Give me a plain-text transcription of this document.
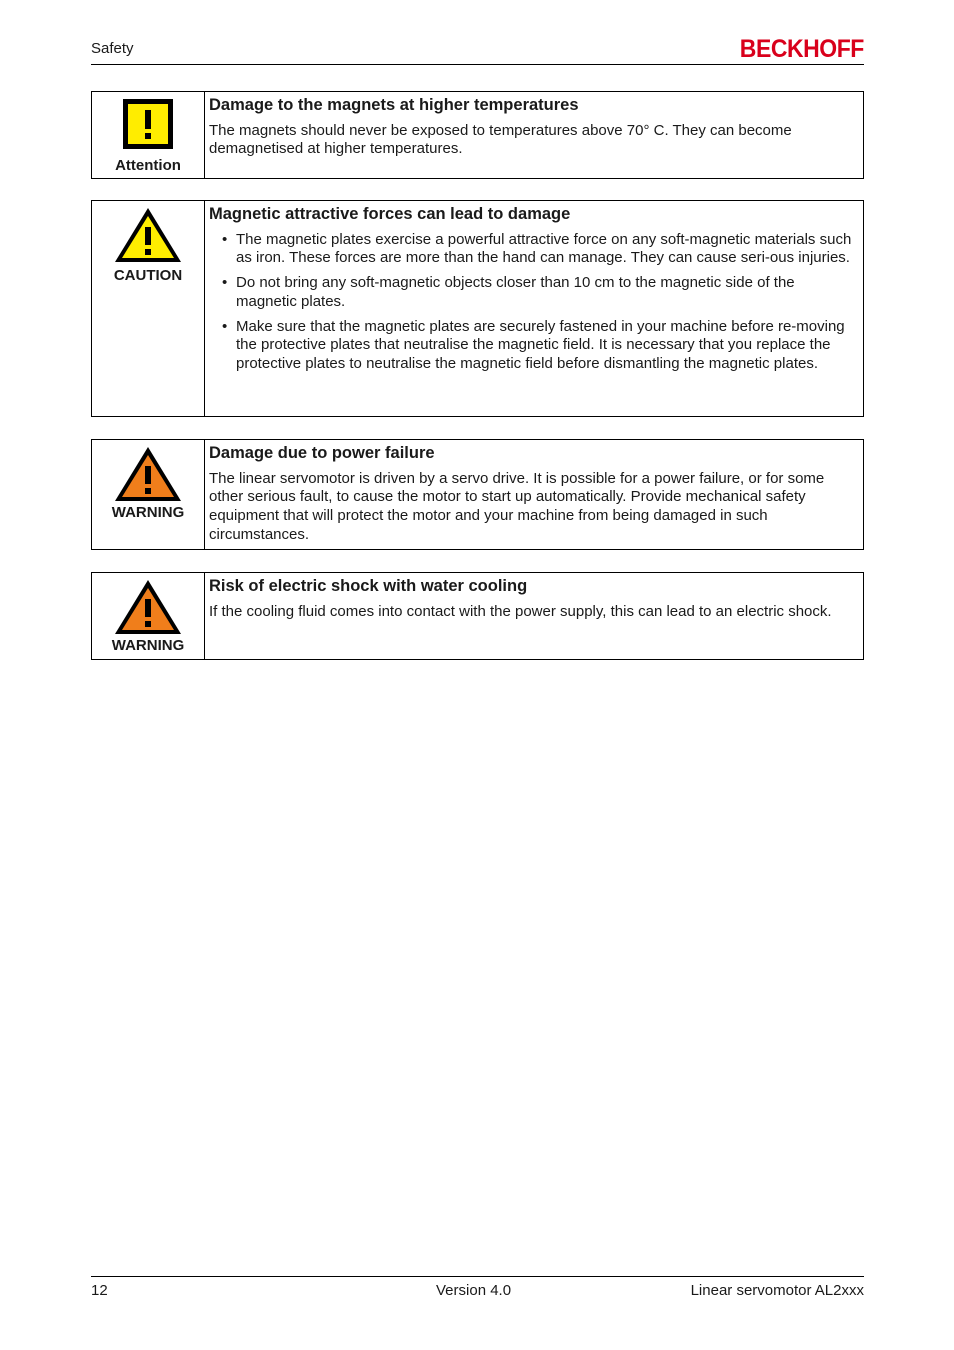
Safety	BECKHOFF
Attention
Damage to the magnets at higher temperatures

The magnets should never be exposed to temperatures above 70° C. They can become demagnetised at higher temperatures.

CAUTION
Magnetic attractive forces can lead to damage
• The magnetic plates exercise a powerful attractive force on any soft-magnetic materials such as iron. These forces are more than the hand can manage. They can cause seri-ous injuries.
• Do not bring any soft-magnetic objects closer than 10 cm to the magnetic side of the magnetic plates.
• Make sure that the magnetic plates are securely fastened in your machine before re-moving the protective plates that neutralise the magnetic field. It is necessary that you replace the protective plates to neutralise the magnetic field before dismantling the magnetic plates.
WARNING
Damage due to power failure

The linear servomotor is driven by a servo drive. It is possible for a power failure, or for some other serious fault, to cause the motor to start up automatically. Provide mechanical safety equipment that will protect the motor and your machine from being damaged in such circumstances.

WARNING
Risk of electric shock with water cooling

If the cooling fluid comes into contact with the power supply, this can lead to an electric shock.

12	Version 4.0	Linear servomotor AL2xxx
